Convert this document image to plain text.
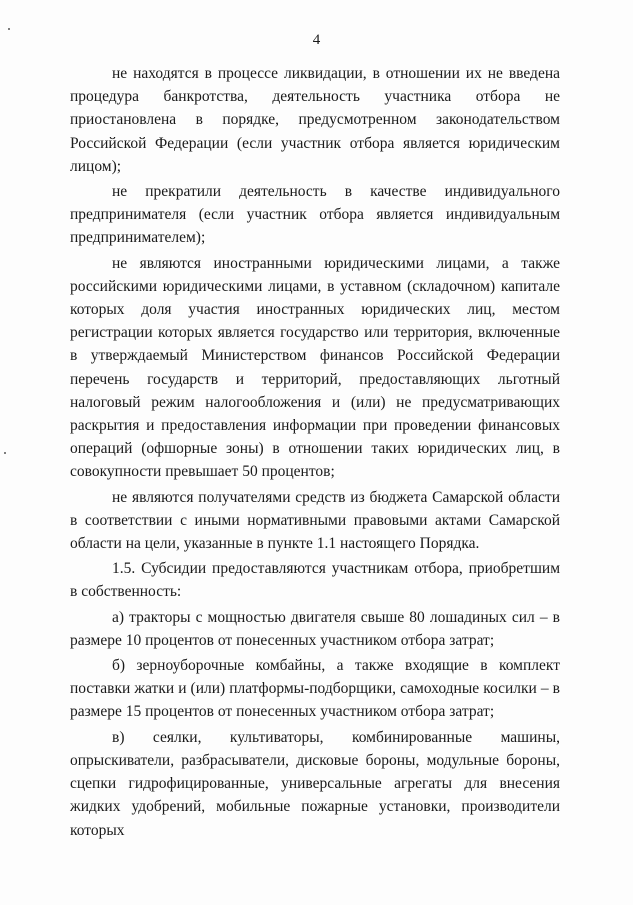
4

не находятся в процессе ликвидации, в отношении их не введена процедура банкротства, деятельность участника отбора не приостановлена в порядке, предусмотренном законодательством Российской Федерации (если участник отбора является юридическим лицом);

не прекратили деятельность в качестве индивидуального предпринимателя (если участник отбора является индивидуальным предпринимателем);

не являются иностранными юридическими лицами, а также российскими юридическими лицами, в уставном (складочном) капитале которых доля участия иностранных юридических лиц, местом регистрации которых является государство или территория, включенные в утверждаемый Министерством финансов Российской Федерации перечень государств и территорий, предоставляющих льготный налоговый режим налогообложения и (или) не предусматривающих раскрытия и предоставления информации при проведении финансовых операций (офшорные зоны) в отношении таких юридических лиц, в совокупности превышает 50 процентов;

не являются получателями средств из бюджета Самарской области в соответствии с иными нормативными правовыми актами Самарской области на цели, указанные в пункте 1.1 настоящего Порядка.

1.5. Субсидии предоставляются участникам отбора, приобретшим в собственность:

а) тракторы с мощностью двигателя свыше 80 лошадиных сил – в размере 10 процентов от понесенных участником отбора затрат;

б) зерноуборочные комбайны, а также входящие в комплект поставки жатки и (или) платформы-подборщики, самоходные косилки – в размере 15 процентов от понесенных участником отбора затрат;

в) сеялки, культиваторы, комбинированные машины, опрыскиватели, разбрасыватели, дисковые бороны, модульные бороны, сцепки гидрофицированные, универсальные агрегаты для внесения жидких удобрений, мобильные пожарные установки, производители которых
